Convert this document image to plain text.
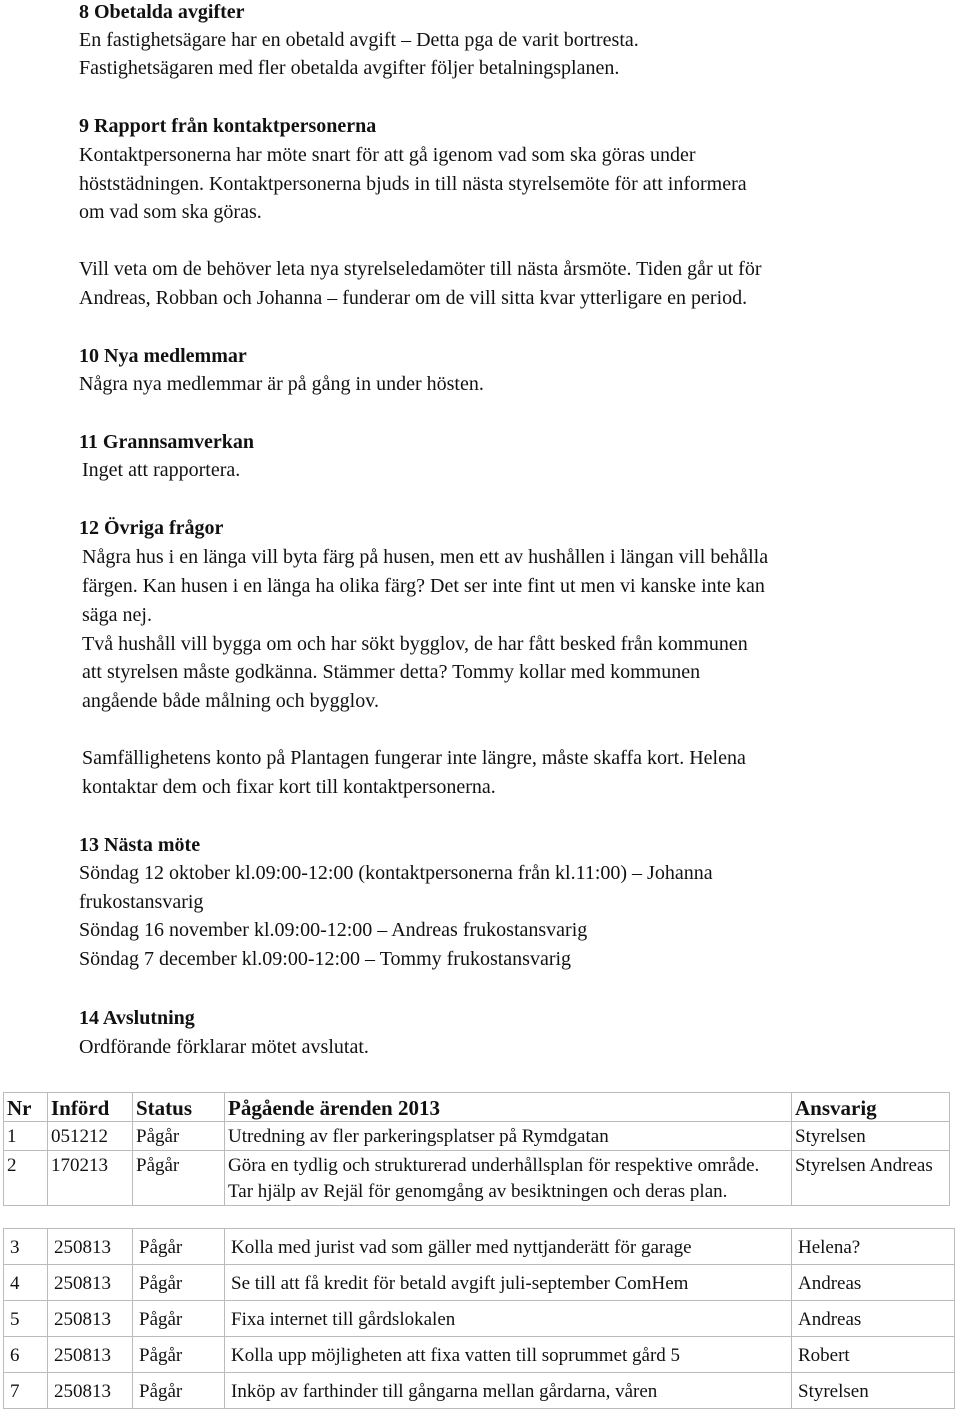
8 Obetalda avgifter
En fastighetsägare har en obetald avgift – Detta pga de varit bortresta.
Fastighetsägaren med fler obetalda avgifter följer betalningsplanen.
9 Rapport från kontaktpersonerna
Kontaktpersonerna har möte snart för att gå igenom vad som ska göras under
höststädningen. Kontaktpersonerna bjuds in till nästa styrelsemöte för att informera
om vad som ska göras.
Vill veta om de behöver leta nya styrelseledamöter till nästa årsmöte. Tiden går ut för
Andreas, Robban och Johanna – funderar om de vill sitta kvar ytterligare en period.
10 Nya medlemmar
Några nya medlemmar är på gång in under hösten.
11 Grannsamverkan
Inget att rapportera.
12 Övriga frågor
Några hus i en länga vill byta färg på husen, men ett av hushållen i längan vill behålla
färgen. Kan husen i en länga ha olika färg? Det ser inte fint ut men vi kanske inte kan
säga nej.
Två hushåll vill bygga om och har sökt bygglov, de har fått besked från kommunen
att styrelsen måste godkänna. Stämmer detta? Tommy kollar med kommunen
angående både målning och bygglov.
Samfällighetens konto på Plantagen fungerar inte längre, måste skaffa kort. Helena
kontaktar dem och fixar kort till kontaktpersonerna.
13 Nästa möte
Söndag 12 oktober kl.09:00-12:00 (kontaktpersonerna från kl.11:00) – Johanna
frukostansvarig
Söndag 16 november kl.09:00-12:00 – Andreas frukostansvarig
Söndag 7 december kl.09:00-12:00 – Tommy frukostansvarig
14 Avslutning
Ordförande förklarar mötet avslutat.
Nr	Införd	Status	Pågående ärenden 2013	Ansvarig
1	051212	Pågår	Utredning av fler parkeringsplatser på Rymdgatan	Styrelsen
2	170213	Pågår	Göra en tydlig och strukturerad underhållsplan för respektive område. Tar hjälp av Rejäl för genomgång av besiktningen och deras plan.	Styrelsen Andreas
3	250813	Pågår	Kolla med jurist vad som gäller med nyttjanderätt för garage	Helena?
4	250813	Pågår	Se till att få kredit för betald avgift juli-september ComHem	Andreas
5	250813	Pågår	Fixa internet till gårdslokalen	Andreas
6	250813	Pågår	Kolla upp möjligheten att fixa vatten till soprummet gård 5	Robert
7	250813	Pågår	Inköp av farthinder till gångarna mellan gårdarna, våren	Styrelsen
